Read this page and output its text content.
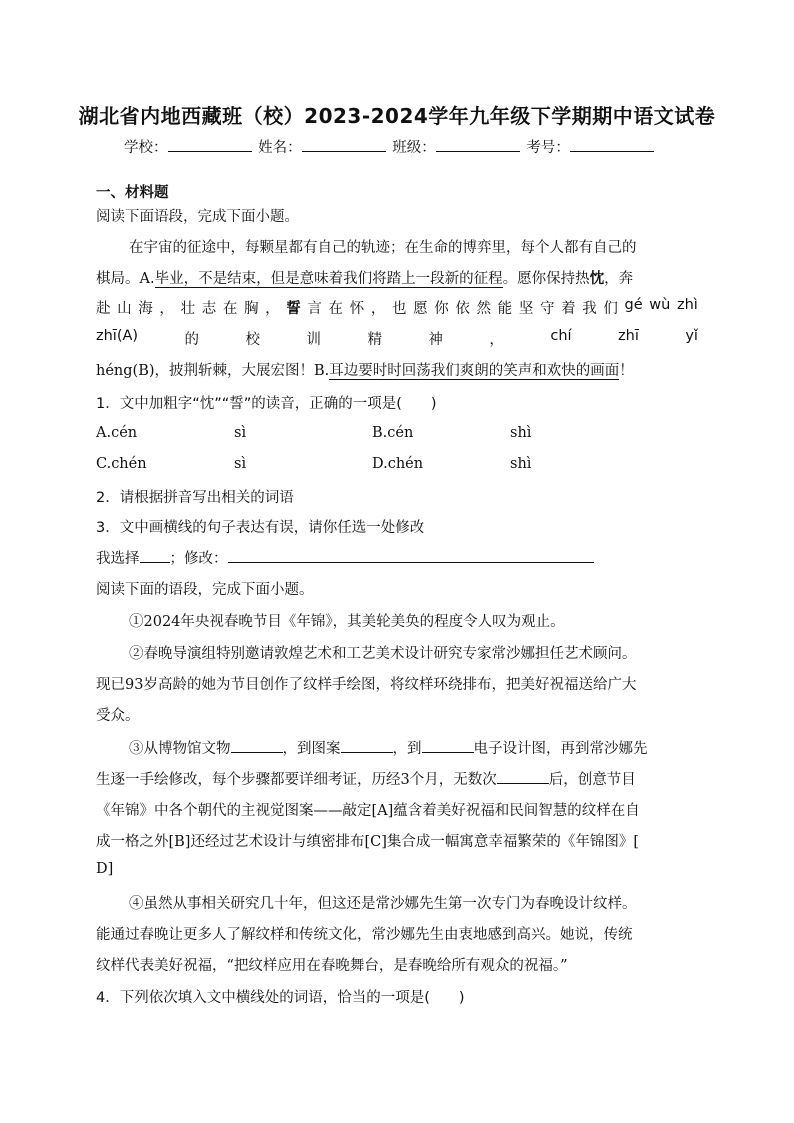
湖北省内地西藏班（校）2023-2024学年九年级下学期期中语文试卷
学校：	姓名：	班级：	考号：
一、材料题
阅读下面语段，完成下面小题。
在宇宙的征途中，每颗星都有自己的轨迹；在生命的博弈里，每个人都有自己的
棋局。A.毕业，不是结束，但是意味着我们将踏上一段新的征程。愿你保持热忱，奔
赴 山 海 ， 壮 志 在 胸 ， 誓 言 在 怀 ， 也 愿 你 依 然 能 坚 守 着 我 们 gé wù zhì
zhī(A)	的	校	训	精	神	，	chí	zhī	yǐ
héng(B)，披荆斩棘，大展宏图！B.耳边要时时回荡我们爽朗的笑声和欢快的画面！
1．文中加粗字“忱”“誓”的读音，正确的一项是(　　)
A.cén	sì	B.cén	shì
C.chén	sì	D.chén	shì
2．请根据拼音写出相关的词语
3．文中画横线的句子表达有误，请你任选一处修改
我选择 ；修改：
阅读下面的语段，完成下面小题。
①2024年央视春晚节目《年锦》，其美轮美奂的程度令人叹为观止。
②春晚导演组特别邀请敦煌艺术和工艺美术设计研究专家常沙娜担任艺术顾问。
现已93岁高龄的她为节目创作了纹样手绘图，将纹样环绕排布，把美好祝福送给广大
受众。
③从博物馆文物	，到图案	，到	电子设计图，再到常沙娜先
生逐一手绘修改，每个步骤都要详细考证，历经3个月，无数次	后，创意节目
《年锦》中各个朝代的主视觉图案——敲定[A]蕴含着美好祝福和民间智慧的纹样在自
成一格之外[B]还经过艺术设计与缜密排布[C]集合成一幅寓意幸福繁荣的《年锦图》[
D]
④虽然从事相关研究几十年，但这还是常沙娜先生第一次专门为春晚设计纹样。
能通过春晚让更多人了解纹样和传统文化，常沙娜先生由衷地感到高兴。她说，传统
纹样代表美好祝福，“把纹样应用在春晚舞台，是春晚给所有观众的祝福。”
4．下列依次填入文中横线处的词语，恰当的一项是(　　)
